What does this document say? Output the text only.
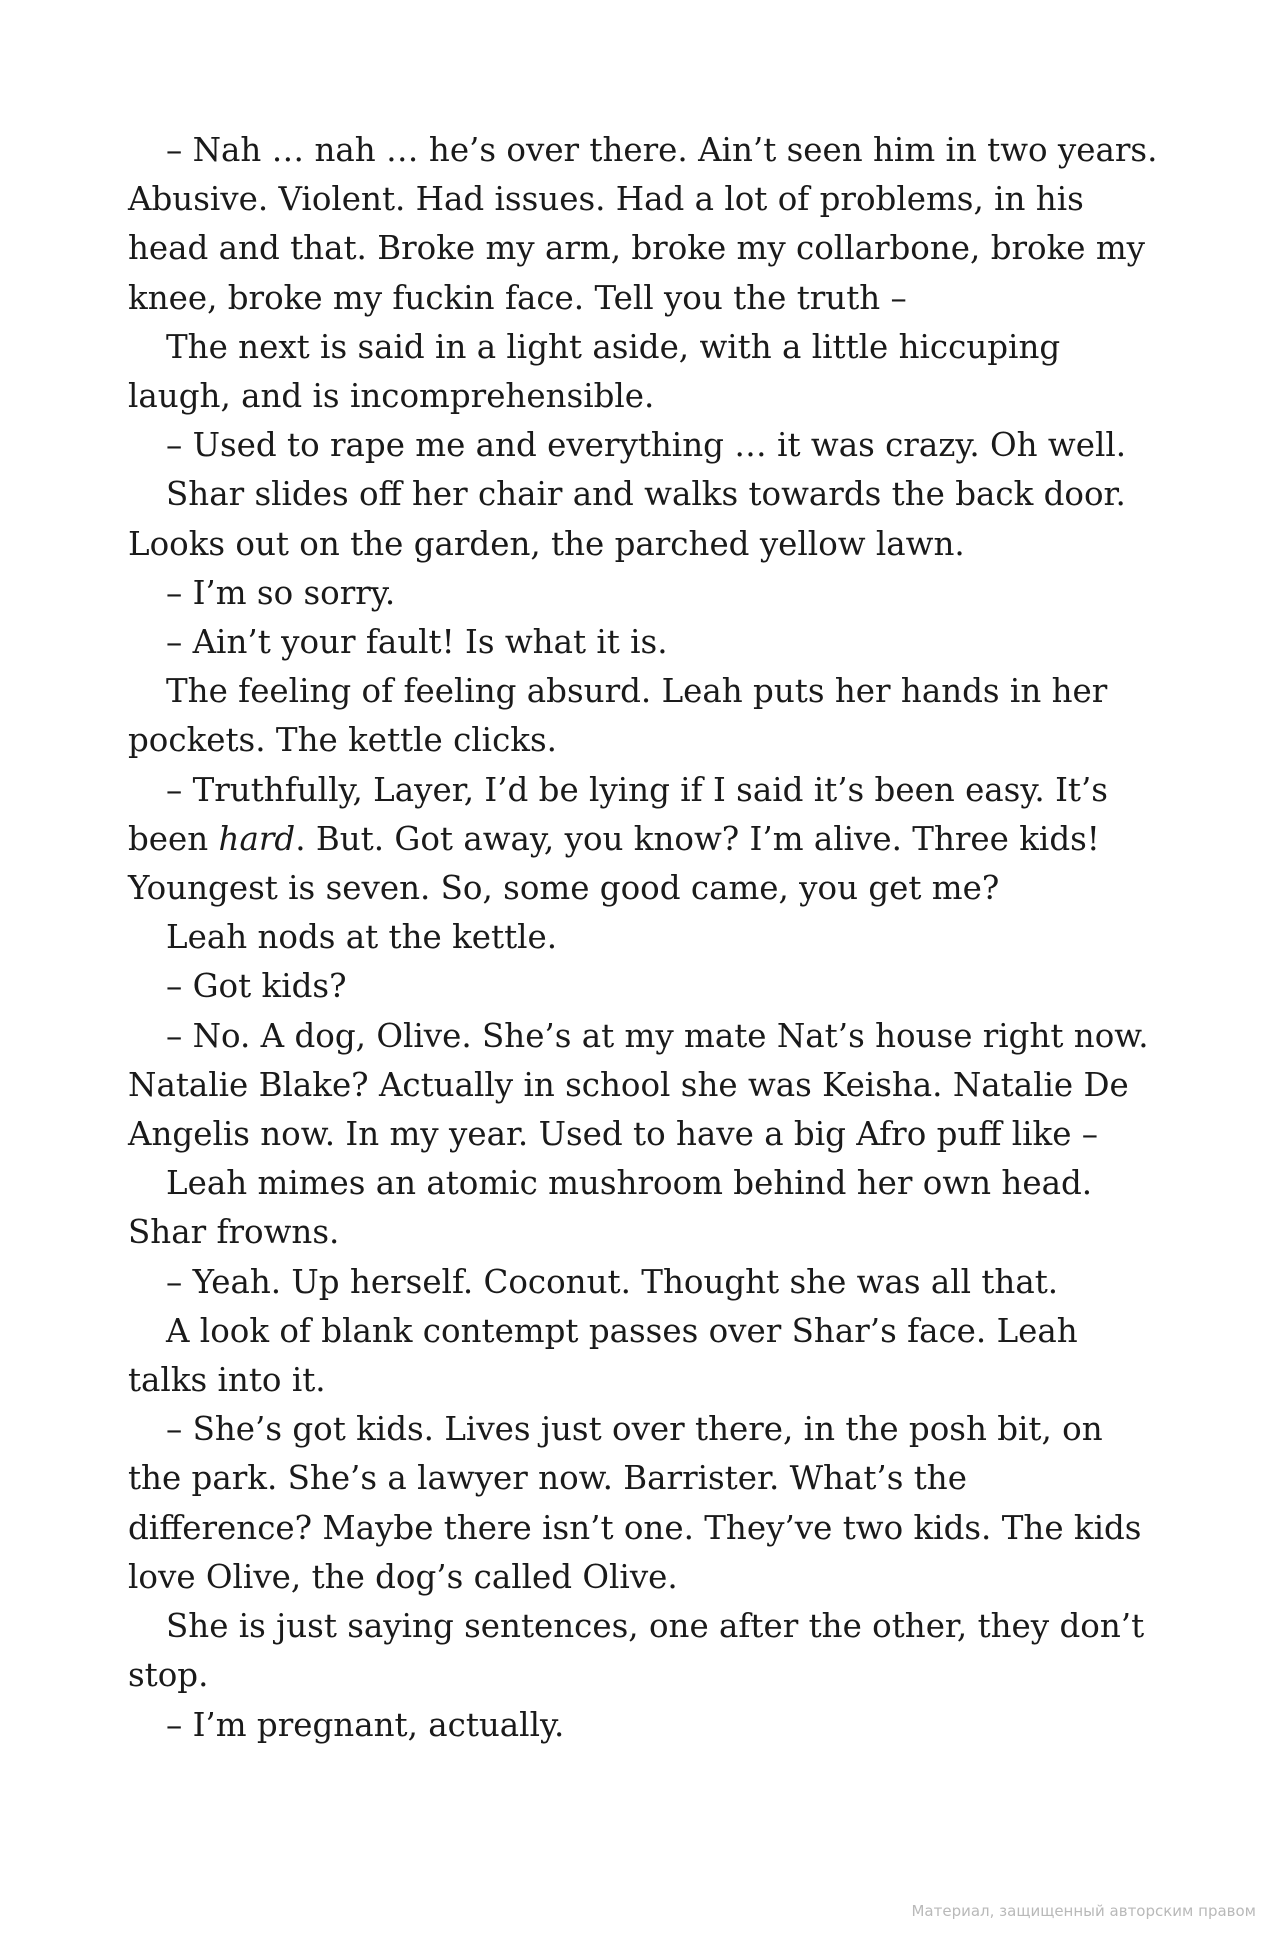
– Nah … nah … he’s over there. Ain’t seen him in two years. Abusive. Violent. Had issues. Had a lot of problems, in his head and that. Broke my arm, broke my collarbone, broke my knee, broke my fuckin face. Tell you the truth –

The next is said in a light aside, with a little hiccuping laugh, and is incomprehensible.

– Used to rape me and everything … it was crazy. Oh well.

Shar slides off her chair and walks towards the back door. Looks out on the garden, the parched yellow lawn.

– I’m so sorry.

– Ain’t your fault! Is what it is.

The feeling of feeling absurd. Leah puts her hands in her pockets. The kettle clicks.

– Truthfully, Layer, I’d be lying if I said it’s been easy. It’s been hard. But. Got away, you know? I’m alive. Three kids! Youngest is seven. So, some good came, you get me?

Leah nods at the kettle.

– Got kids?

– No. A dog, Olive. She’s at my mate Nat’s house right now. Natalie Blake? Actually in school she was Keisha. Natalie De Angelis now. In my year. Used to have a big Afro puff like –

Leah mimes an atomic mushroom behind her own head. Shar frowns.

– Yeah. Up herself. Coconut. Thought she was all that.

A look of blank contempt passes over Shar’s face. Leah talks into it.

– She’s got kids. Lives just over there, in the posh bit, on the park. She’s a lawyer now. Barrister. What’s the difference? Maybe there isn’t one. They’ve two kids. The kids love Olive, the dog’s called Olive.

She is just saying sentences, one after the other, they don’t stop.

– I’m pregnant, actually.

Материал, защищенный авторским правом
